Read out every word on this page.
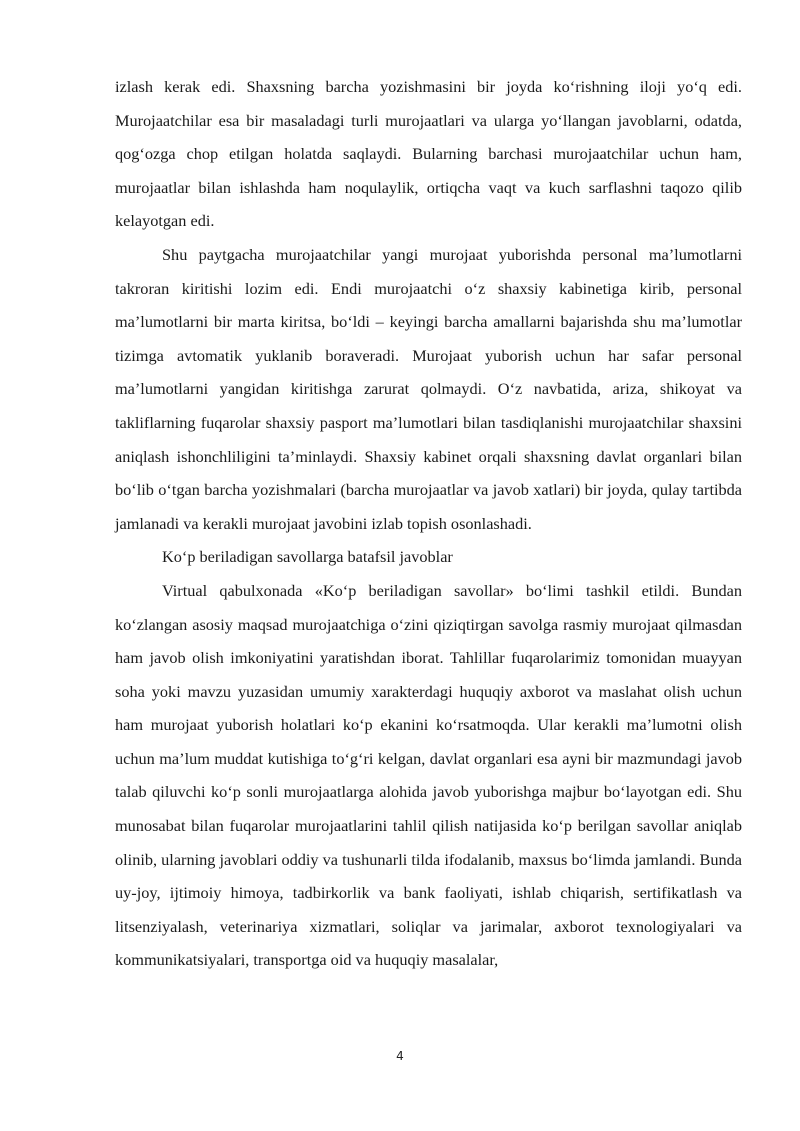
izlash kerak edi. Shaxsning barcha yozishmasini bir joyda ko‘rishning iloji yo‘q edi. Murojaatchilar esa bir masaladagi turli murojaatlari va ularga yo‘llangan javoblarni, odatda, qog‘ozga chop etilgan holatda saqlaydi. Bularning barchasi murojaatchilar uchun ham, murojaatlar bilan ishlashda ham noqulaylik, ortiqcha vaqt va kuch sarflashni taqozo qilib kelayotgan edi.

Shu paytgacha murojaatchilar yangi murojaat yuborishda personal ma’lumotlarni takroran kiritishi lozim edi. Endi murojaatchi o‘z shaxsiy kabinetiga kirib, personal ma’lumotlarni bir marta kiritsa, bo‘ldi – keyingi barcha amallarni bajarishda shu ma’lumotlar tizimga avtomatik yuklanib boraveradi. Murojaat yuborish uchun har safar personal ma’lumotlarni yangidan kiritishga zarurat qolmaydi. O‘z navbatida, ariza, shikoyat va takliflarning fuqarolar shaxsiy pasport ma’lumotlari bilan tasdiqlanishi murojaatchilar shaxsini aniqlash ishonchliligini ta’minlaydi. Shaxsiy kabinet orqali shaxsning davlat organlari bilan bo‘lib o‘tgan barcha yozishmalari (barcha murojaatlar va javob xatlari) bir joyda, qulay tartibda jamlanadi va kerakli murojaat javobini izlab topish osonlashadi.

Ko‘p beriladigan savollarga batafsil javoblar

Virtual qabulxonada «Ko‘p beriladigan savollar» bo‘limi tashkil etildi. Bundan ko‘zlangan asosiy maqsad murojaatchiga o‘zini qiziqtirgan savolga rasmiy murojaat qilmasdan ham javob olish imkoniyatini yaratishdan iborat. Tahlillar fuqarolarimiz tomonidan muayyan soha yoki mavzu yuzasidan umumiy xarakterdagi huquqiy axborot va maslahat olish uchun ham murojaat yuborish holatlari ko‘p ekanini ko‘rsatmoqda. Ular kerakli ma’lumotni olish uchun ma’lum muddat kutishiga to‘g‘ri kelgan, davlat organlari esa ayni bir mazmundagi javob talab qiluvchi ko‘p sonli murojaatlarga alohida javob yuborishga majbur bo‘layotgan edi. Shu munosabat bilan fuqarolar murojaatlarini tahlil qilish natijasida ko‘p berilgan savollar aniqlab olinib, ularning javoblari oddiy va tushunarli tilda ifodalanib, maxsus bo‘limda jamlandi. Bunda uy-joy, ijtimoiy himoya, tadbirkorlik va bank faoliyati, ishlab chiqarish, sertifikatlash va litsenziyalash, veterinariya xizmatlari, soliqlar va jarimalar, axborot texnologiyalari va kommunikatsiyalari, transportga oid va huquqiy masalalar,

4
